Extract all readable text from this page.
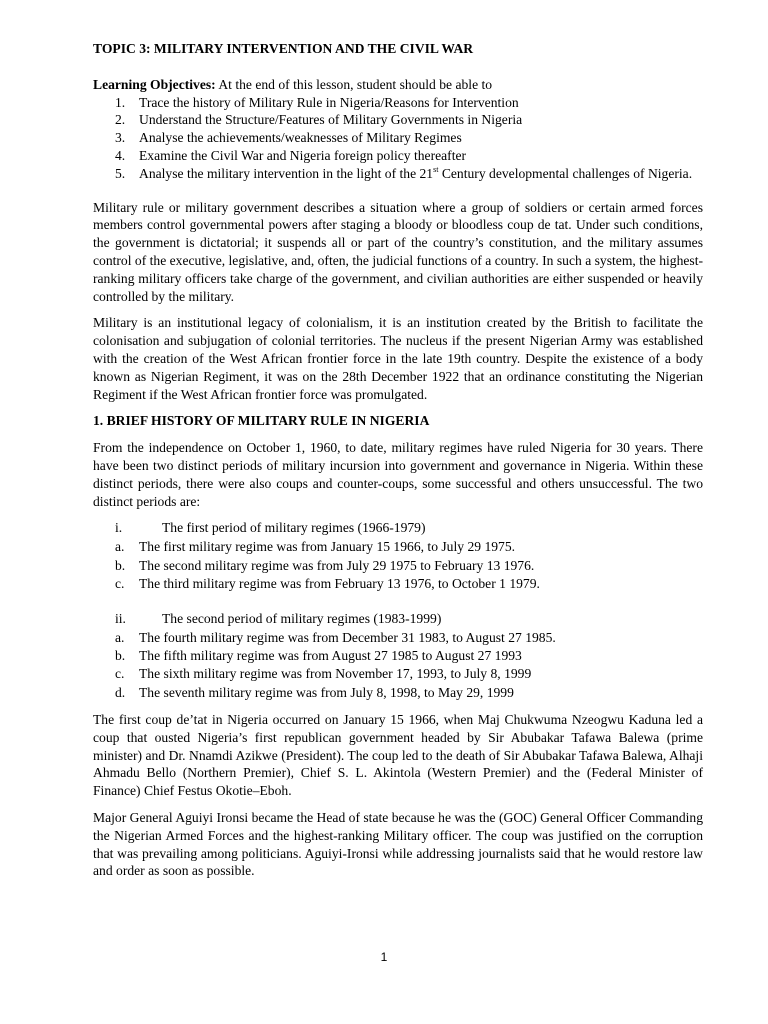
TOPIC 3: MILITARY INTERVENTION AND THE CIVIL WAR
Learning Objectives: At the end of this lesson, student should be able to
1. Trace the history of Military Rule in Nigeria/Reasons for Intervention
2. Understand the Structure/Features of Military Governments in Nigeria
3. Analyse the achievements/weaknesses of Military Regimes
4. Examine the Civil War and Nigeria foreign policy thereafter
5. Analyse the military intervention in the light of the 21st Century developmental challenges of Nigeria.

Military rule or military government describes a situation where a group of soldiers or certain armed forces members control governmental powers after staging a bloody or bloodless coup de tat. Under such conditions, the government is dictatorial; it suspends all or part of the country’s constitution, and the military assumes control of the executive, legislative, and, often, the judicial functions of a country. In such a system, the highest-ranking military officers take charge of the government, and civilian authorities are either suspended or heavily controlled by the military.

Military is an institutional legacy of colonialism, it is an institution created by the British to facilitate the colonisation and subjugation of colonial territories. The nucleus if the present Nigerian Army was established with the creation of the West African frontier force in the late 19th country. Despite the existence of a body known as Nigerian Regiment, it was on the 28th December 1922 that an ordinance constituting the Nigerian Regiment if the West African frontier force was promulgated.

1. BRIEF HISTORY OF MILITARY RULE IN NIGERIA

From the independence on October 1, 1960, to date, military regimes have ruled Nigeria for 30 years. There have been two distinct periods of military incursion into government and governance in Nigeria. Within these distinct periods, there were also coups and counter-coups, some successful and others unsuccessful. The two distinct periods are:

i.	The first period of military regimes (1966-1979)
a. The first military regime was from January 15 1966, to July 29 1975.
b. The second military regime was from July 29 1975 to February 13 1976.
c. The third military regime was from February 13 1976, to October 1 1979.
ii.	The second period of military regimes (1983-1999)
a. The fourth military regime was from December 31 1983, to August 27 1985.
b. The fifth military regime was from August 27 1985 to August 27 1993
c. The sixth military regime was from November 17, 1993, to July 8, 1999
d. The seventh military regime was from July 8, 1998, to May 29, 1999

The first coup de’tat in Nigeria occurred on January 15 1966, when Maj Chukwuma Nzeogwu Kaduna led a coup that ousted Nigeria’s first republican government headed by Sir Abubakar Tafawa Balewa (prime minister) and Dr. Nnamdi Azikwe (President). The coup led to the death of Sir Abubakar Tafawa Balewa, Alhaji Ahmadu Bello (Northern Premier), Chief S. L. Akintola (Western Premier) and the (Federal Minister of Finance) Chief Festus Okotie–Eboh.

Major General Aguiyi Ironsi became the Head of state because he was the (GOC) General Officer Commanding the Nigerian Armed Forces and the highest-ranking Military officer. The coup was justified on the corruption that was prevailing among politicians. Aguiyi-Ironsi while addressing journalists said that he would restore law and order as soon as possible.

1
